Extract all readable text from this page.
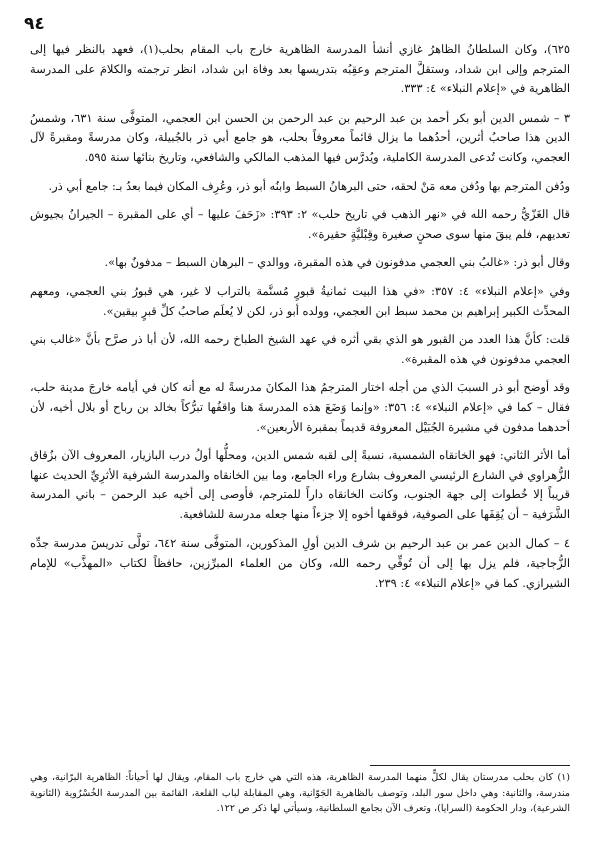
٩٤

٦٢٥)، وكان السلطانُ الظاهرُ غازي أنشأ المدرسة الظاهرية خارج باب المقام بحلب(١)، فعهد بالنظر فيها إلى المترجم وإلى ابن شداد، وستقلَّ المترجم وعقِبُه بتدريسها بعد وفاة ابن شداد، انظر ترجمته والكلامَ على المدرسة الظاهرية في «إعلام النبلاء» ٤: ٣٣٣.

٣ – شمس الدين أبو بكر أحمد بن عبد الرحيم بن عبد الرحمن بن الحسن ابن العجمي، المتوفَّى سنة ٦٣١، وشمسُ الدين هذا صاحبُ أثرين، أحدُهما ما يزال قائماً معروفاً بحلب، هو جامع أبي ذر بالجُبيلة، وكان مدرسةً ومقبرةً لآل العجمي، وكانت تُدعى المدرسة الكاملية، ويُدرَّس فيها المذهب المالكي والشافعي، وتاريخ بنائها سنة ٥٩٥.

ودُفن المترجم بها ودُفن معه مَنْ لحقه، حتى البرهانُ السبط وابنُه أبو ذر، وعُرِف المكان فيما بعدُ بـ: جامع أبي ذر.

قال الغَزّيُّ رحمه الله في «نهر الذهب في تاريخ حلب» ٢: ٣٩٣: «زَحَفَ عليها – أي على المقبرة – الجيرانُ بجيوش تعديهم، فلم يبقَ منها سوى صحنٍ صغيرة وقِبْليَّةٍ حقيرة».

وقال أبو ذر: «غالبُ بني العجمي مدفونون في هذه المقبرة، ووالدي – البرهان السبط – مدفونٌ بها».

وفي «إعلام النبلاء» ٤: ٣٥٧: «في هذا البيت ثمانيةُ قبورٍ مُسنَّمة بالتراب لا غير، هي قبورُ بني العجمي، ومعهم المحدِّث الكبير إبراهيم بن محمد سبط ابن العجمي، وولده أبو ذر، لكن لا يُعلَم صاحبُ كلِّ قبرٍ بيقين».

قلت: كأنَّ هذا العدد من القبور هو الذي بقي أثره في عهد الشيخ الطباخ رحمه الله، لأن أبا ذر صرَّح بأنَّ «غالب بني العجمي مدفونون في هذه المقبرة».

وقد أوضح أبو ذر السببَ الذي من أجله اختار المترجمُ هذا المكانَ مدرسةً له مع أنه كان في أيامه خارجَ مدينة حلب، فقال – كما في «إعلام النبلاء» ٤: ٣٥٦: «وإنما وَضَعَ هذه المدرسةَ هنا واقفُها تبرُّكاً بخالد بن رباح أو بلال أخيه، لأن أحدهما مدفون في مشيرة الجُبَيْل المعروفة قديماً بمقبرة الأربعين».

أما الأثر الثاني: فهو الخانقاه الشمسية، نسبةً إلى لقبه شمس الدين، ومحلُّها أولُ درب البازيار، المعروف الآن بزُقاق الزُّهراوي في الشارع الرئيسي المعروف بشارع وراء الجامع، وما بين الخانقاه والمدرسة الشرفية الأثرِيِّ الحديث عنها قريباً إلا خُطوات إلى جهة الجنوب، وكانت الخانقاه داراً للمترجم، فأوصى إلى أخيه عبد الرحمن – باني المدرسة الشَّرَفية – أن يُقِفَها على الصوفية، فوقفها أخوه إلا جزءاً منها جعله مدرسة للشافعية.

٤ – كمال الدين عمر بن عبد الرحيم بن شرف الدين أولِ المذكورين، المتوفَّى سنة ٦٤٢، تولَّى تدريسَ مدرسة جدِّه الزُّجاجية، فلم يزل بها إلى أن تُوفِّي رحمه الله، وكان من العلماء المبرِّزين، حافظاً لكتاب «المهذَّب» للإمام الشيرازي. كما في «إعلام النبلاء» ٤: ٢٣٩.

(١) كان بحلب مدرستان يقال لكلٍّ منهما المدرسة الظاهرية، هذه التي هي خارج باب المقام، ويقال لها أحياناً: الظاهرية البرّانية، وهي مندرسة، والثانية: وهي داخل سور البلد، وتوصف بالظاهرية الجَوّانية، وهي المقابلة لباب القلعة، القائمة بين المدرسة الخُسْرُوية (الثانوية الشرعية)، ودار الحكومة (السرايا)، وتعرف الآن بجامع السلطانية، وسيأتي لها ذكر ص ١٢٢.
